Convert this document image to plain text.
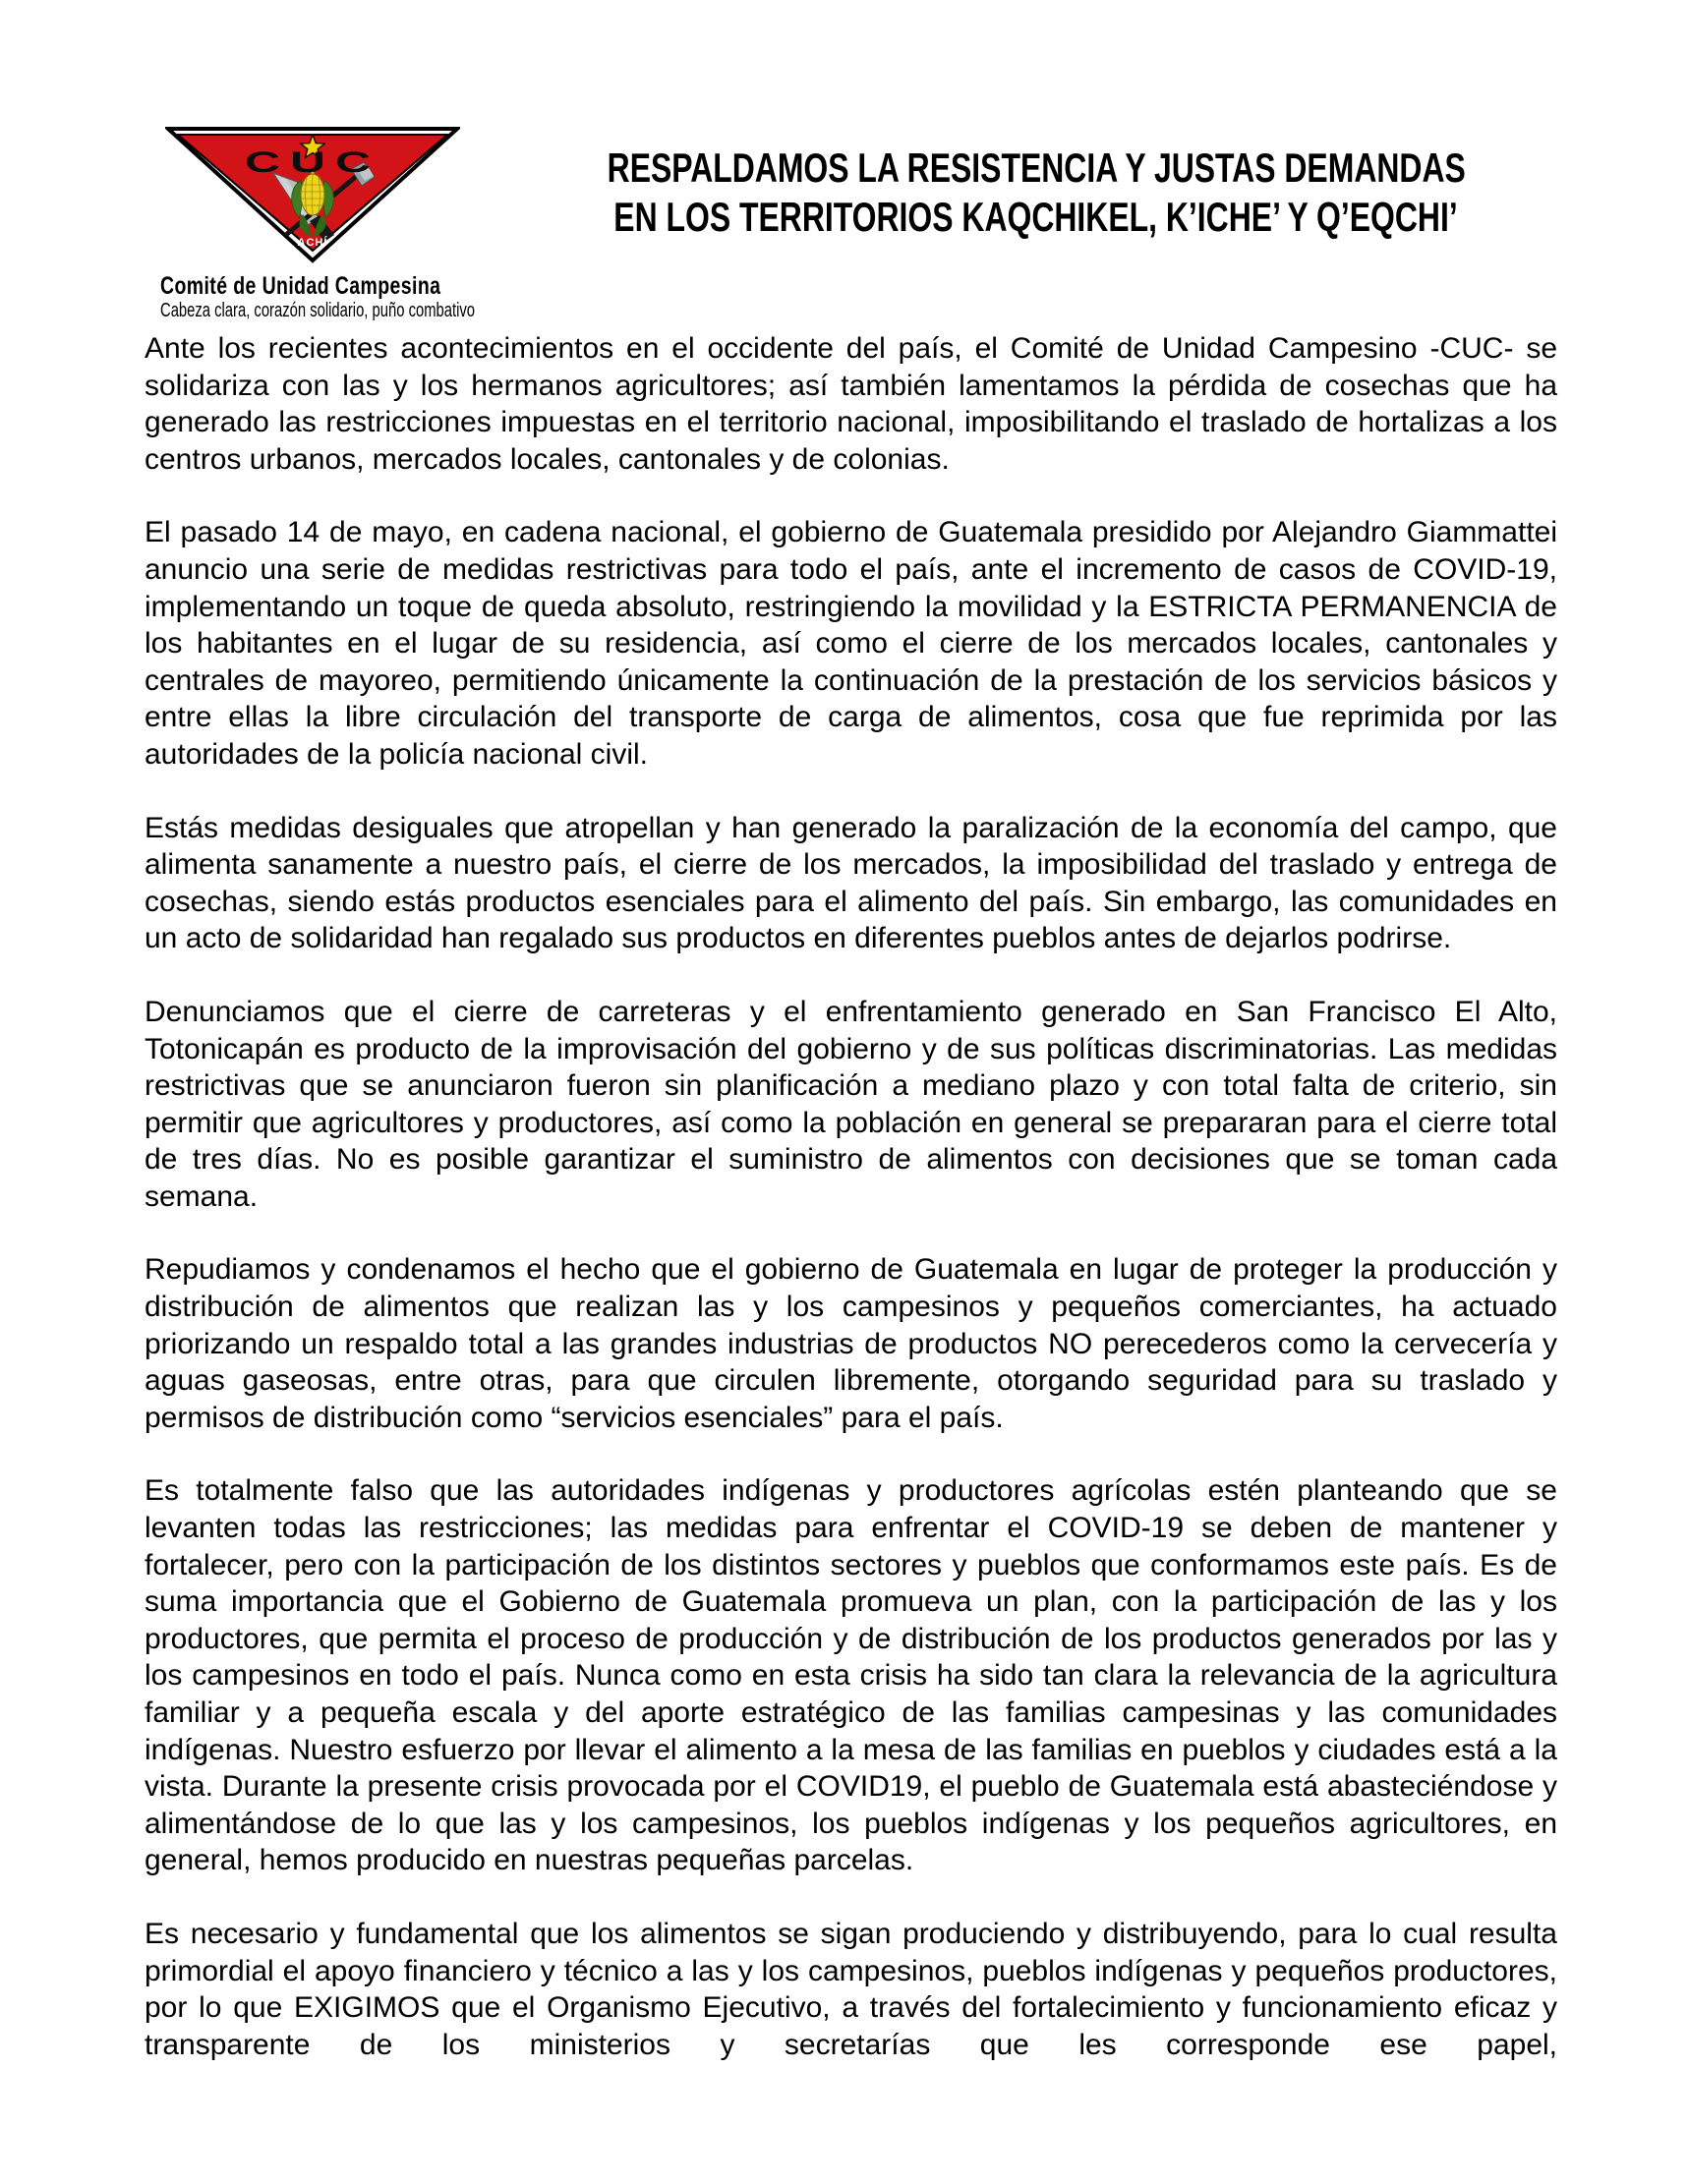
CUC
ACHÍ
Comité de Unidad Campesina
Cabeza clara, corazón solidario, puño combativo
RESPALDAMOS LA RESISTENCIA Y JUSTAS DEMANDAS
EN LOS TERRITORIOS KAQCHIKEL, K’ICHE’ Y Q’EQCHI’

Ante los recientes acontecimientos en el occidente del país, el Comité de Unidad Campesino -CUC- se solidariza con las y los hermanos agricultores; así también lamentamos la pérdida de cosechas que ha generado las restricciones impuestas en el territorio nacional, imposibilitando el traslado de hortalizas a los centros urbanos, mercados locales, cantonales y de colonias.

El pasado 14 de mayo, en cadena nacional, el gobierno de Guatemala presidido por Alejandro Giammattei anuncio una serie de medidas restrictivas para todo el país, ante el incremento de casos de COVID-19, implementando un toque de queda absoluto, restringiendo la movilidad y la ESTRICTA PERMANENCIA de los habitantes en el lugar de su residencia, así como el cierre de los mercados locales, cantonales y centrales de mayoreo, permitiendo únicamente la continuación de la prestación de los servicios básicos y entre ellas la libre circulación del transporte de carga de alimentos, cosa que fue reprimida por las autoridades de la policía nacional civil.

Estás medidas desiguales que atropellan y han generado la paralización de la economía del campo, que alimenta sanamente a nuestro país, el cierre de los mercados, la imposibilidad del traslado y entrega de cosechas, siendo estás productos esenciales para el alimento del país. Sin embargo, las comunidades en un acto de solidaridad han regalado sus productos en diferentes pueblos antes de dejarlos podrirse.

Denunciamos que el cierre de carreteras y el enfrentamiento generado en San Francisco El Alto, Totonicapán es producto de la improvisación del gobierno y de sus políticas discriminatorias. Las medidas restrictivas que se anunciaron fueron sin planificación a mediano plazo y con total falta de criterio, sin permitir que agricultores y productores, así como la población en general se prepararan para el cierre total de tres días. No es posible garantizar el suministro de alimentos con decisiones que se toman cada semana.

Repudiamos y condenamos el hecho que el gobierno de Guatemala en lugar de proteger la producción y distribución de alimentos que realizan las y los campesinos y pequeños comerciantes, ha actuado priorizando un respaldo total a las grandes industrias de productos NO perecederos como la cervecería y aguas gaseosas, entre otras, para que circulen libremente, otorgando seguridad para su traslado y permisos de distribución como “servicios esenciales” para el país.

Es totalmente falso que las autoridades indígenas y productores agrícolas estén planteando que se levanten todas las restricciones; las medidas para enfrentar el COVID-19 se deben de mantener y fortalecer, pero con la participación de los distintos sectores y pueblos que conformamos este país. Es de suma importancia que el Gobierno de Guatemala promueva un plan, con la participación de las y los productores, que permita el proceso de producción y de distribución de los productos generados por las y los campesinos en todo el país. Nunca como en esta crisis ha sido tan clara la relevancia de la agricultura familiar y a pequeña escala y del aporte estratégico de las familias campesinas y las comunidades indígenas. Nuestro esfuerzo por llevar el alimento a la mesa de las familias en pueblos y ciudades está a la vista. Durante la presente crisis provocada por el COVID19, el pueblo de Guatemala está abasteciéndose y alimentándose de lo que las y los campesinos, los pueblos indígenas y los pequeños agricultores, en general, hemos producido en nuestras pequeñas parcelas.

Es necesario y fundamental que los alimentos se sigan produciendo y distribuyendo, para lo cual resulta primordial el apoyo financiero y técnico a las y los campesinos, pueblos indígenas y pequeños productores, por lo que EXIGIMOS que el Organismo Ejecutivo, a través del fortalecimiento y funcionamiento eficaz y transparente de los ministerios y secretarías que les corresponde ese papel,
